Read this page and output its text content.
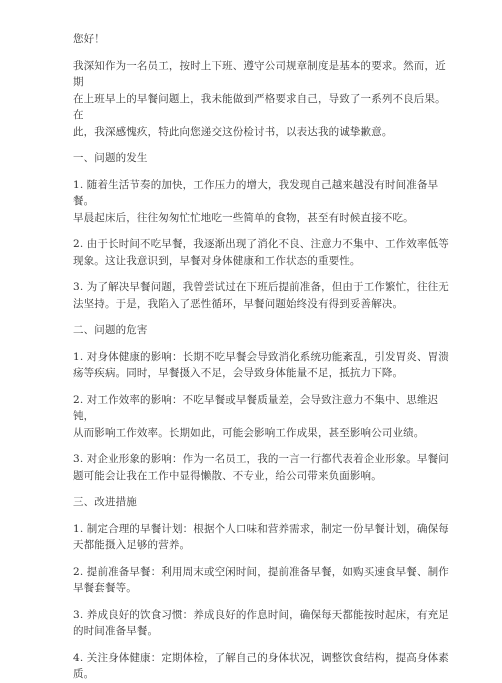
您好！
我深知作为一名员工，按时上下班、遵守公司规章制度是基本的要求。然而，近期
在上班早上的早餐问题上，我未能做到严格要求自己，导致了一系列不良后果。在
此，我深感愧疚，特此向您递交这份检讨书，以表达我的诚挚歉意。
一、问题的发生
1. 随着生活节奏的加快，工作压力的增大，我发现自己越来越没有时间准备早餐。
早晨起床后，往往匆匆忙忙地吃一些简单的食物，甚至有时候直接不吃。
2. 由于长时间不吃早餐，我逐渐出现了消化不良、注意力不集中、工作效率低等
现象。这让我意识到，早餐对身体健康和工作状态的重要性。
3. 为了解决早餐问题，我曾尝试过在下班后提前准备，但由于工作繁忙，往往无
法坚持。于是，我陷入了恶性循环，早餐问题始终没有得到妥善解决。
二、问题的危害
1. 对身体健康的影响：长期不吃早餐会导致消化系统功能紊乱，引发胃炎、胃溃
疡等疾病。同时，早餐摄入不足，会导致身体能量不足，抵抗力下降。
2. 对工作效率的影响：不吃早餐或早餐质量差，会导致注意力不集中、思维迟钝，
从而影响工作效率。长期如此，可能会影响工作成果，甚至影响公司业绩。
3. 对企业形象的影响：作为一名员工，我的一言一行都代表着企业形象。早餐问
题可能会让我在工作中显得懒散、不专业，给公司带来负面影响。
三、改进措施
1. 制定合理的早餐计划：根据个人口味和营养需求，制定一份早餐计划，确保每
天都能摄入足够的营养。
2. 提前准备早餐：利用周末或空闲时间，提前准备早餐，如购买速食早餐、制作
早餐套餐等。
3. 养成良好的饮食习惯：养成良好的作息时间，确保每天都能按时起床，有充足
的时间准备早餐。
4. 关注身体健康：定期体检，了解自己的身体状况，调整饮食结构，提高身体素
质。
